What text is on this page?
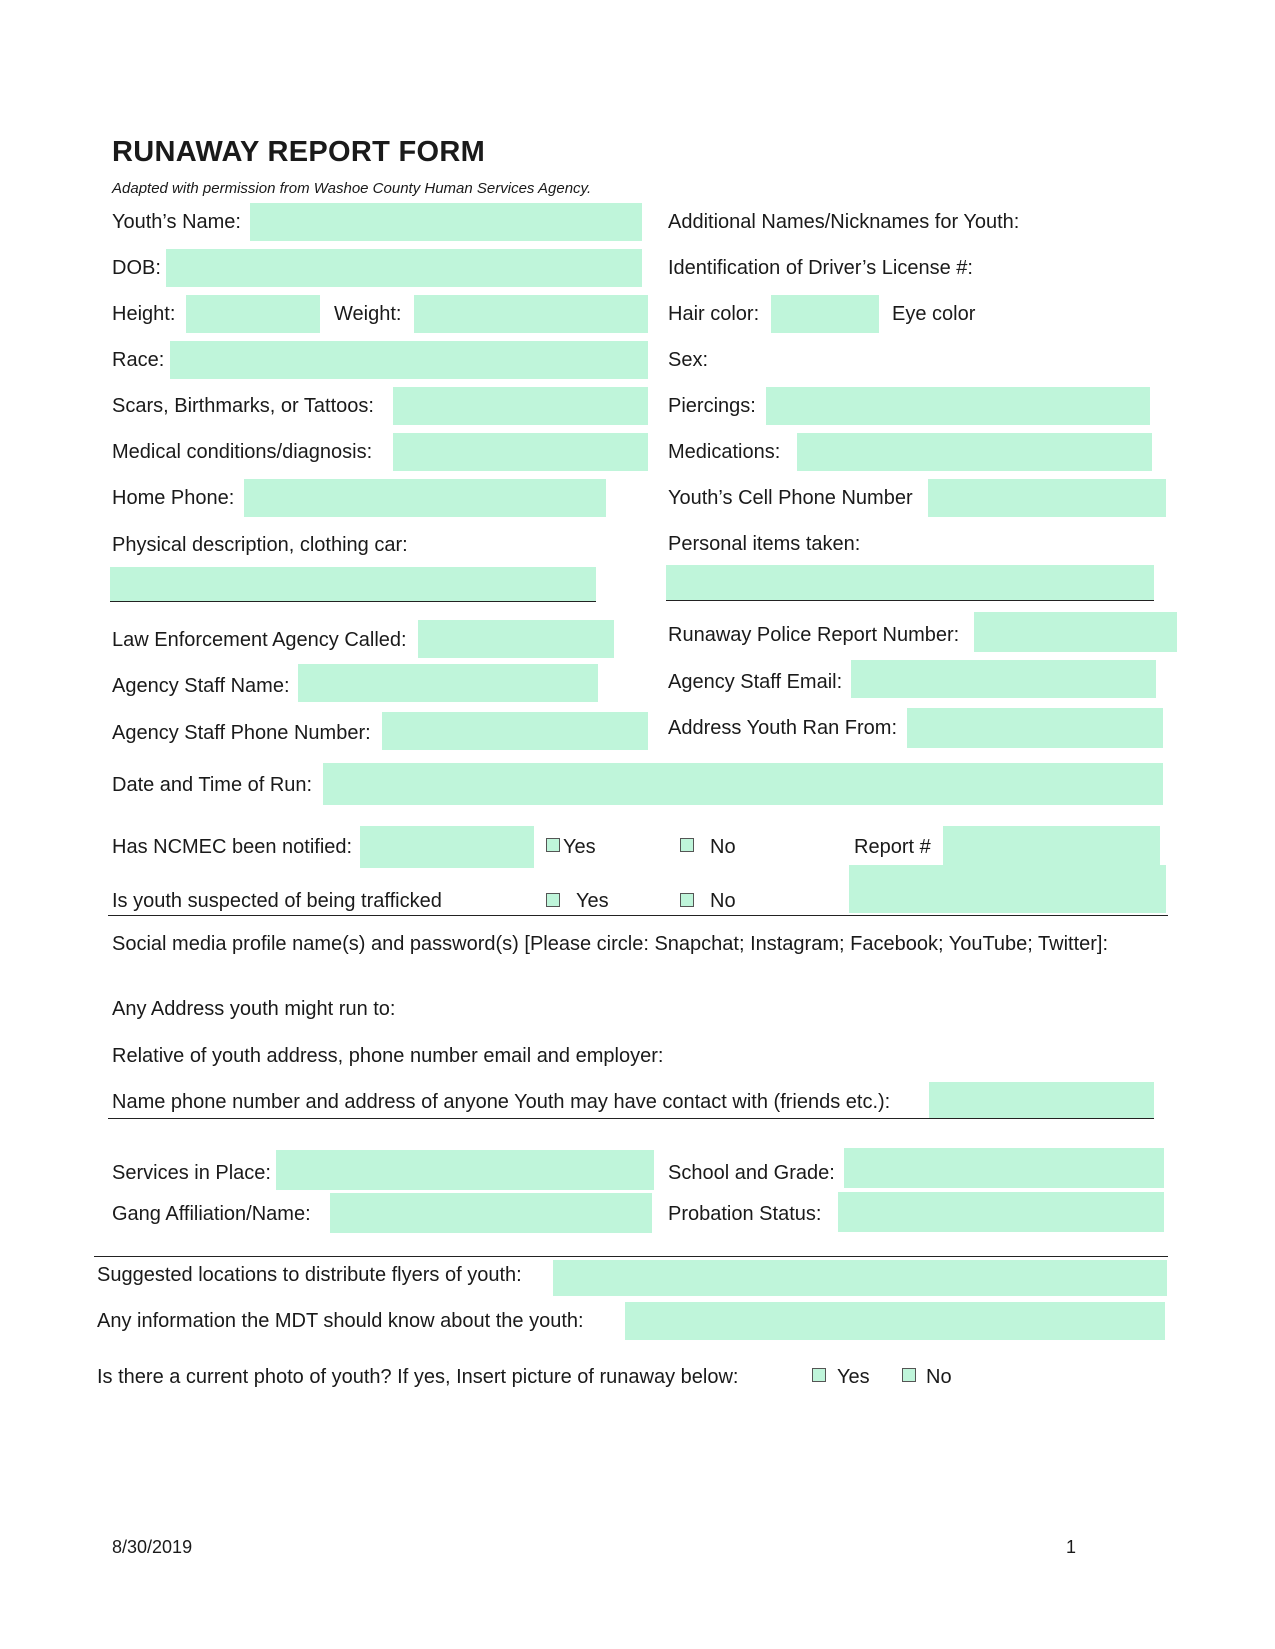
RUNAWAY REPORT FORM
Adapted with permission from Washoe County Human Services Agency.
Youth’s Name:	Additional Names/Nicknames for Youth:
DOB:	Identification of Driver’s License #:
Height:	Weight:	Hair color:	Eye color
Race:	Sex:
Scars, Birthmarks, or Tattoos:	Piercings:
Medical conditions/diagnosis:	Medications:
Home Phone:	Youth’s Cell Phone Number
Physical description, clothing car:	Personal items taken:
Law Enforcement Agency Called:	Runaway Police Report Number:
Agency Staff Name:	Agency Staff Email:
Agency Staff Phone Number:	Address Youth Ran From:
Date and Time of Run:
Has NCMEC been notified:	Yes	No	Report #
Is youth suspected of being trafficked	Yes	No
Social media profile name(s) and password(s) [Please circle: Snapchat; Instagram; Facebook; YouTube; Twitter]:
Any Address youth might run to:
Relative of youth address, phone number email and employer:
Name phone number and address of anyone Youth may have contact with (friends etc.):
Services in Place:	School and Grade:
Gang Affiliation/Name:	Probation Status:
Suggested locations to distribute flyers of youth:
Any information the MDT should know about the youth:
Is there a current photo of youth? If yes, Insert picture of runaway below:	Yes	No
8/30/2019	1
